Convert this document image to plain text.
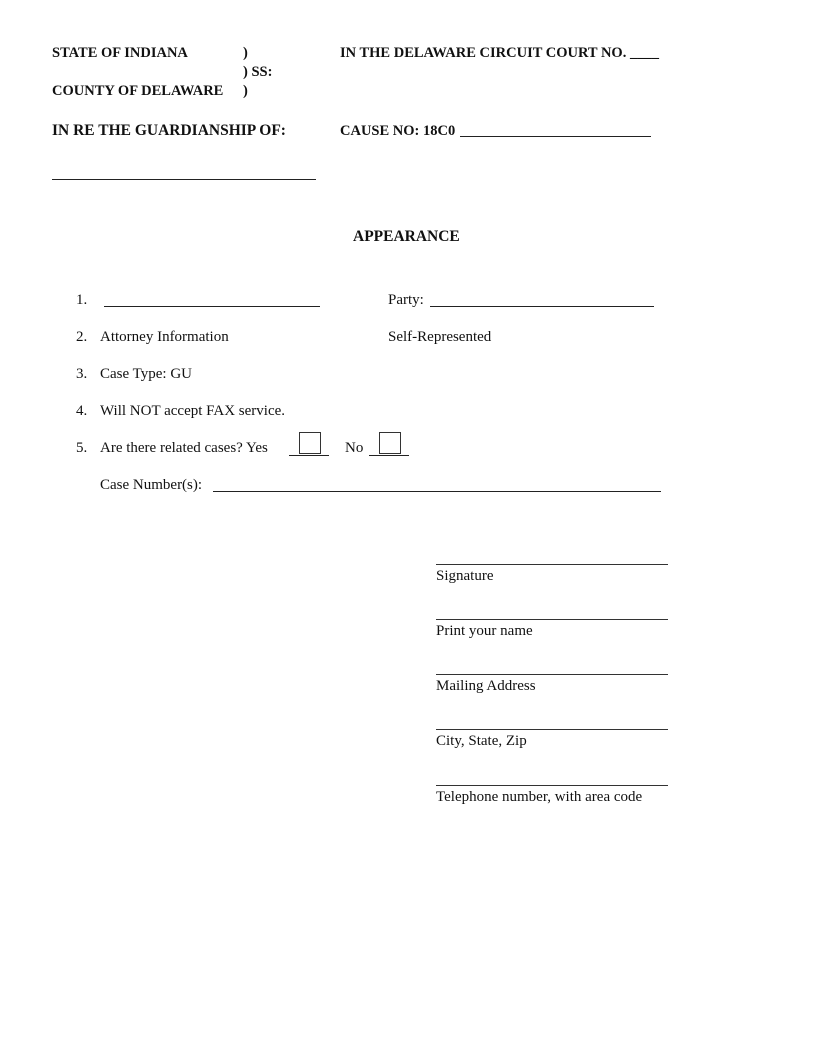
STATE OF INDIANA	)
) SS:
COUNTY OF DELAWARE )
IN THE DELAWARE CIRCUIT COURT NO. ____
IN RE THE GUARDIANSHIP OF:	CAUSE NO: 18C0
APPEARANCE
1.	Party:
2. Attorney Information	Self-Represented
3. Case Type: GU
4. Will NOT accept FAX service.
5. Are there related cases? Yes	No
Case Number(s):
Signature
Print your name
Mailing Address
City, State, Zip
Telephone number, with area code
